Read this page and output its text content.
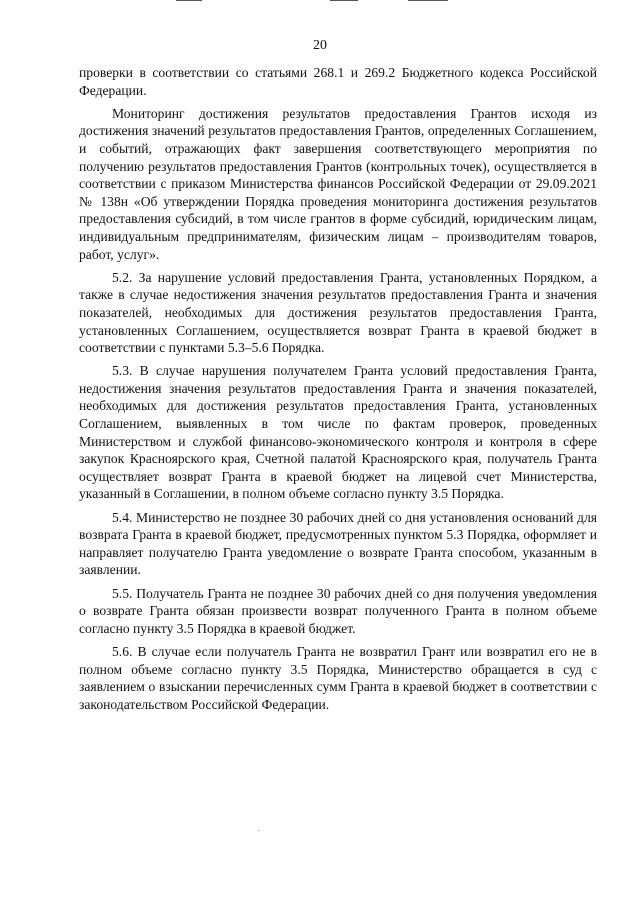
20

проверки в соответствии со статьями 268.1 и 269.2 Бюджетного кодекса Российской Федерации.

Мониторинг достижения результатов предоставления Грантов исходя из достижения значений результатов предоставления Грантов, определенных Соглашением, и событий, отражающих факт завершения соответствующего мероприятия по получению результатов предоставления Грантов (контрольных точек), осуществляется в соответствии с приказом Министерства финансов Российской Федерации от 29.09.2021 № 138н «Об утверждении Порядка проведения мониторинга достижения результатов предоставления субсидий, в том числе грантов в форме субсидий, юридическим лицам, индивидуальным предпринимателям, физическим лицам – производителям товаров, работ, услуг».

5.2. За нарушение условий предоставления Гранта, установленных Порядком, а также в случае недостижения значения результатов предоставления Гранта и значения показателей, необходимых для достижения результатов предоставления Гранта, установленных Соглашением, осуществляется возврат Гранта в краевой бюджет в соответствии с пунктами 5.3–5.6 Порядка.

5.3. В случае нарушения получателем Гранта условий предоставления Гранта, недостижения значения результатов предоставления Гранта и значения показателей, необходимых для достижения результатов предоставления Гранта, установленных Соглашением, выявленных в том числе по фактам проверок, проведенных Министерством и службой финансово-экономического контроля и контроля в сфере закупок Красноярского края, Счетной палатой Красноярского края, получатель Гранта осуществляет возврат Гранта в краевой бюджет на лицевой счет Министерства, указанный в Соглашении, в полном объеме согласно пункту 3.5 Порядка.

5.4. Министерство не позднее 30 рабочих дней со дня установления оснований для возврата Гранта в краевой бюджет, предусмотренных пунктом 5.3 Порядка, оформляет и направляет получателю Гранта уведомление о возврате Гранта способом, указанным в заявлении.

5.5. Получатель Гранта не позднее 30 рабочих дней со дня получения уведомления о возврате Гранта обязан произвести возврат полученного Гранта в полном объеме согласно пункту 3.5 Порядка в краевой бюджет.

5.6. В случае если получатель Гранта не возвратил Грант или возвратил его не в полном объеме согласно пункту 3.5 Порядка, Министерство обращается в суд с заявлением о взыскании перечисленных сумм Гранта в краевой бюджет в соответствии с законодательством Российской Федерации.
